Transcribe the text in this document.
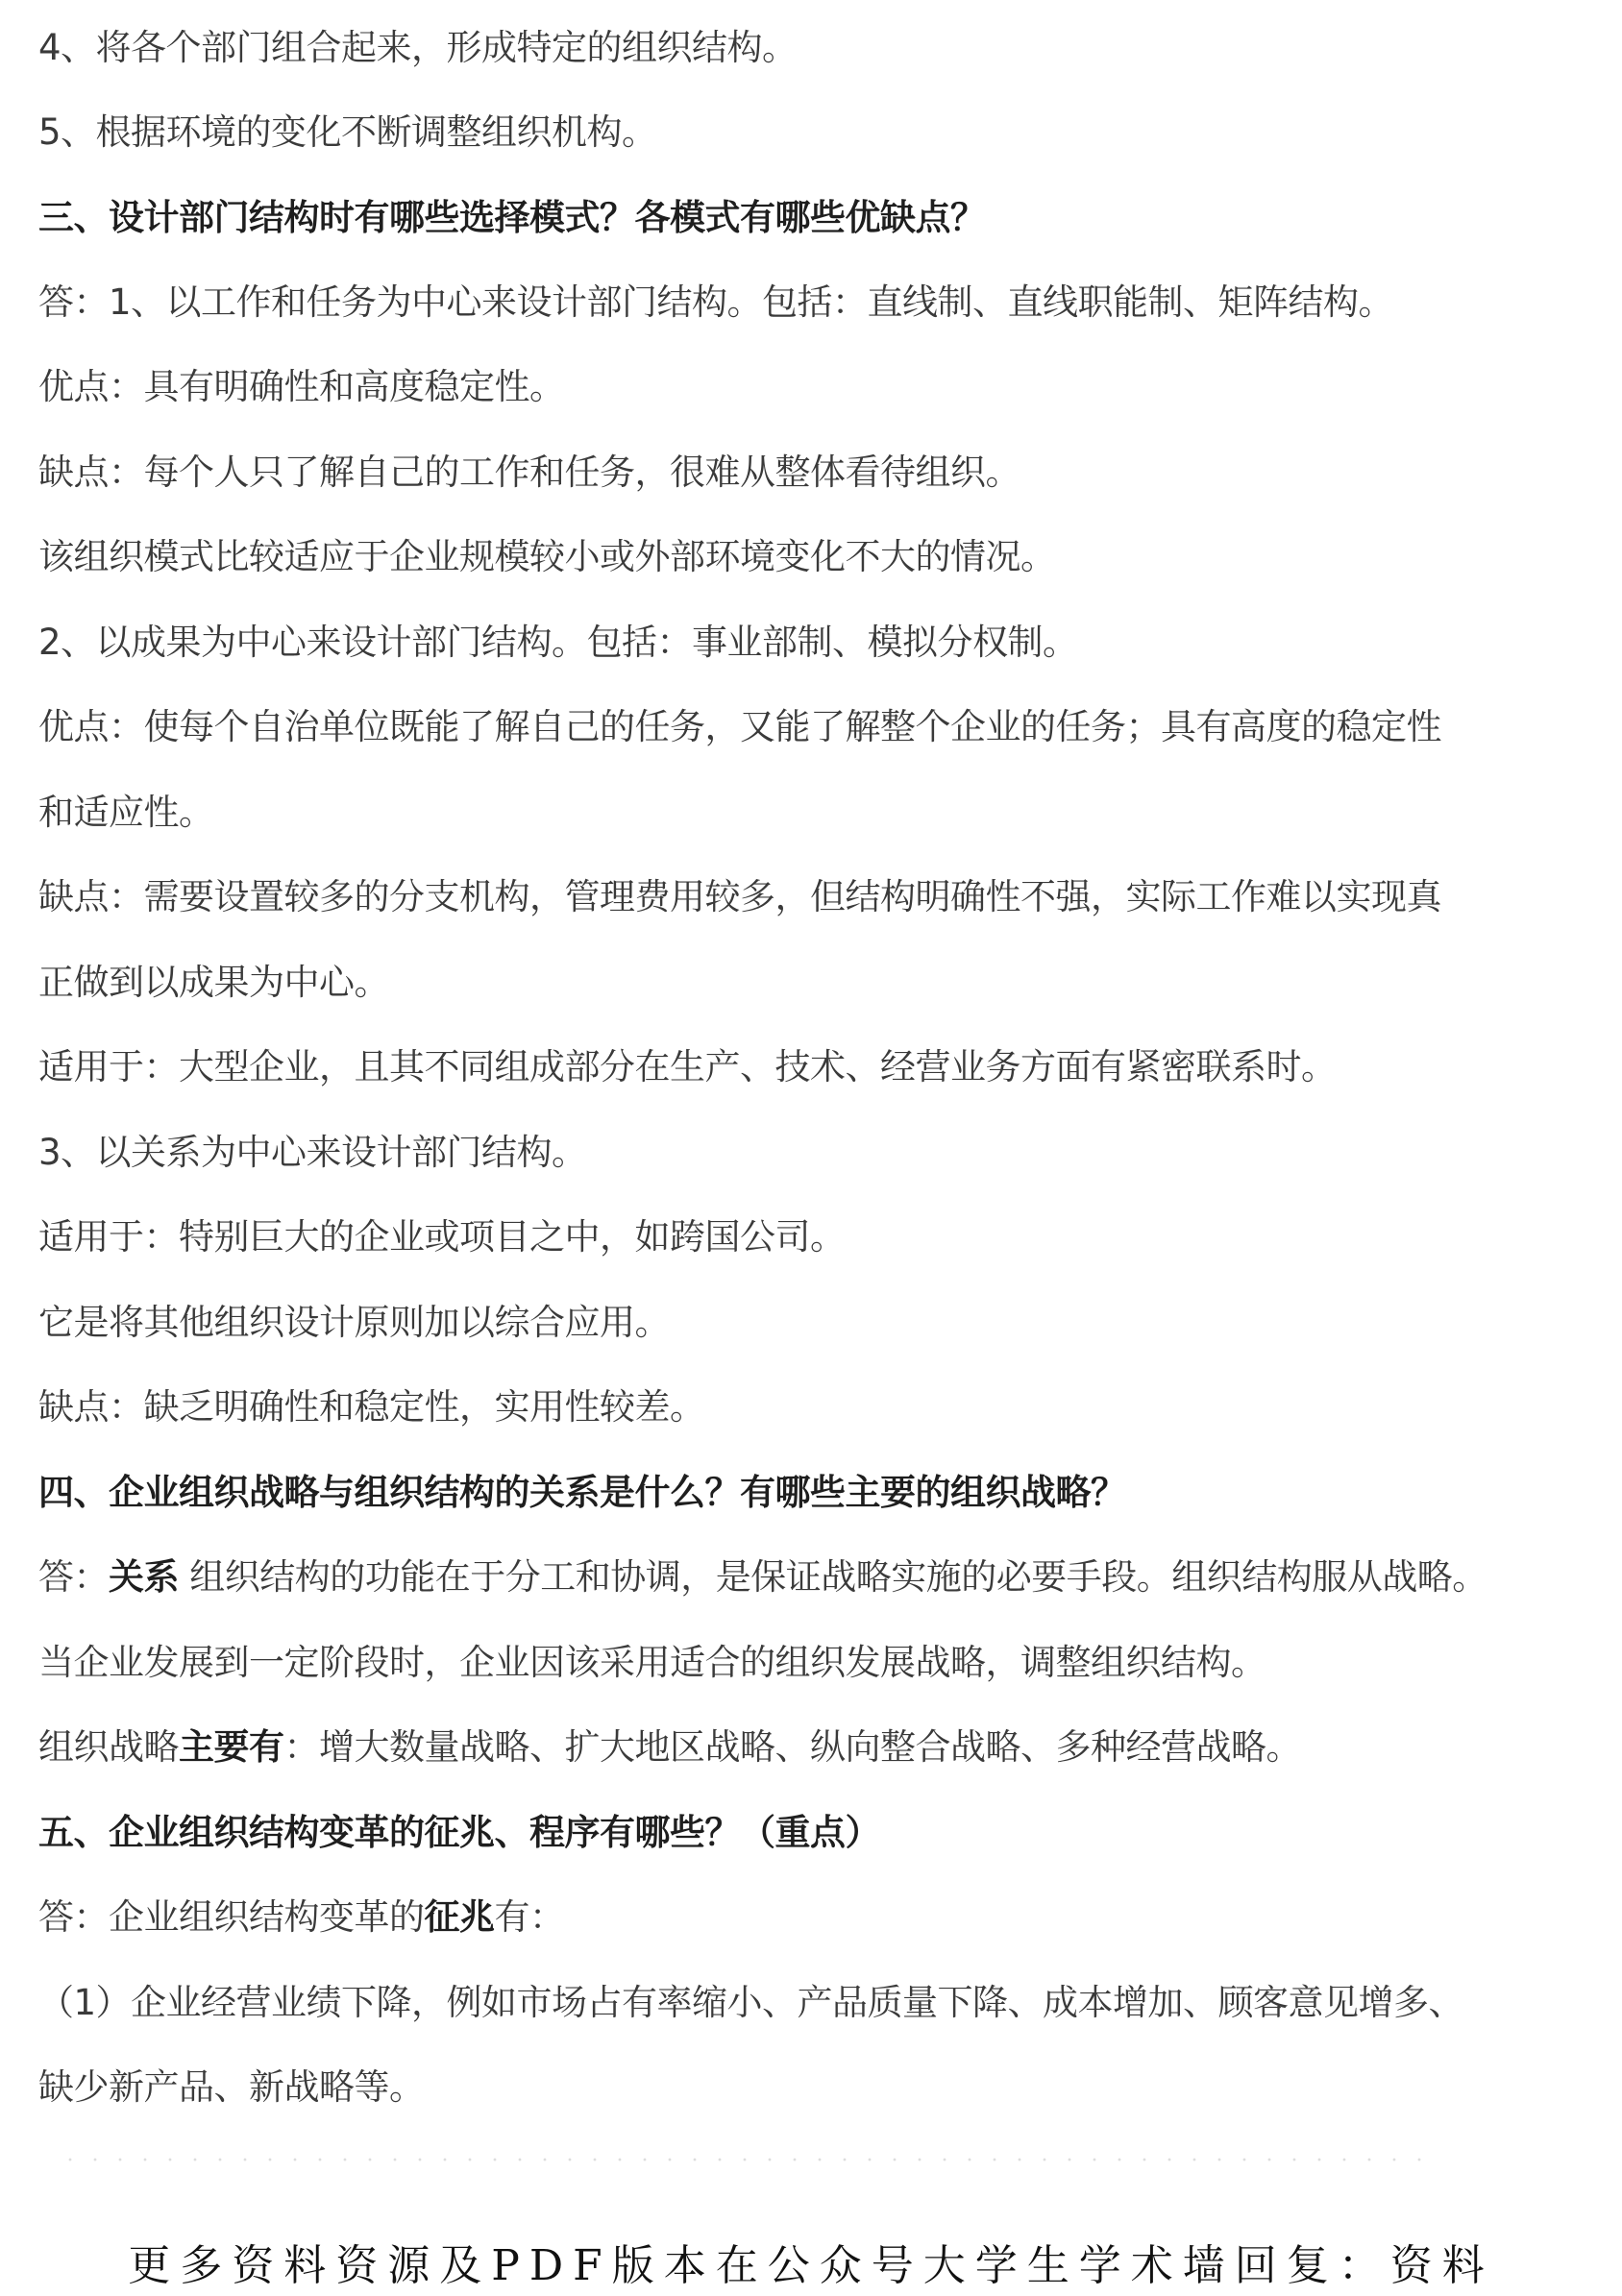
4、将各个部门组合起来，形成特定的组织结构。
5、根据环境的变化不断调整组织机构。
三、设计部门结构时有哪些选择模式？各模式有哪些优缺点？
答：1、以工作和任务为中心来设计部门结构。包括：直线制、直线职能制、矩阵结构。
优点：具有明确性和高度稳定性。
缺点：每个人只了解自己的工作和任务，很难从整体看待组织。
该组织模式比较适应于企业规模较小或外部环境变化不大的情况。
2、以成果为中心来设计部门结构。包括：事业部制、模拟分权制。
优点：使每个自治单位既能了解自己的任务，又能了解整个企业的任务；具有高度的稳定性
和适应性。
缺点：需要设置较多的分支机构，管理费用较多，但结构明确性不强，实际工作难以实现真
正做到以成果为中心。
适用于：大型企业，且其不同组成部分在生产、技术、经营业务方面有紧密联系时。
3、以关系为中心来设计部门结构。
适用于：特别巨大的企业或项目之中，如跨国公司。
它是将其他组织设计原则加以综合应用。
缺点：缺乏明确性和稳定性，实用性较差。
四、企业组织战略与组织结构的关系是什么？有哪些主要的组织战略？
答：关系 组织结构的功能在于分工和协调，是保证战略实施的必要手段。组织结构服从战略。
当企业发展到一定阶段时，企业因该采用适合的组织发展战略，调整组织结构。
组织战略主要有：增大数量战略、扩大地区战略、纵向整合战略、多种经营战略。
五、企业组织结构变革的征兆、程序有哪些？（重点）
答：企业组织结构变革的征兆有：
（1）企业经营业绩下降，例如市场占有率缩小、产品质量下降、成本增加、顾客意见增多、
缺少新产品、新战略等。
更多资料资源及PDF版本在公众号大学生学术墙回复：资料
